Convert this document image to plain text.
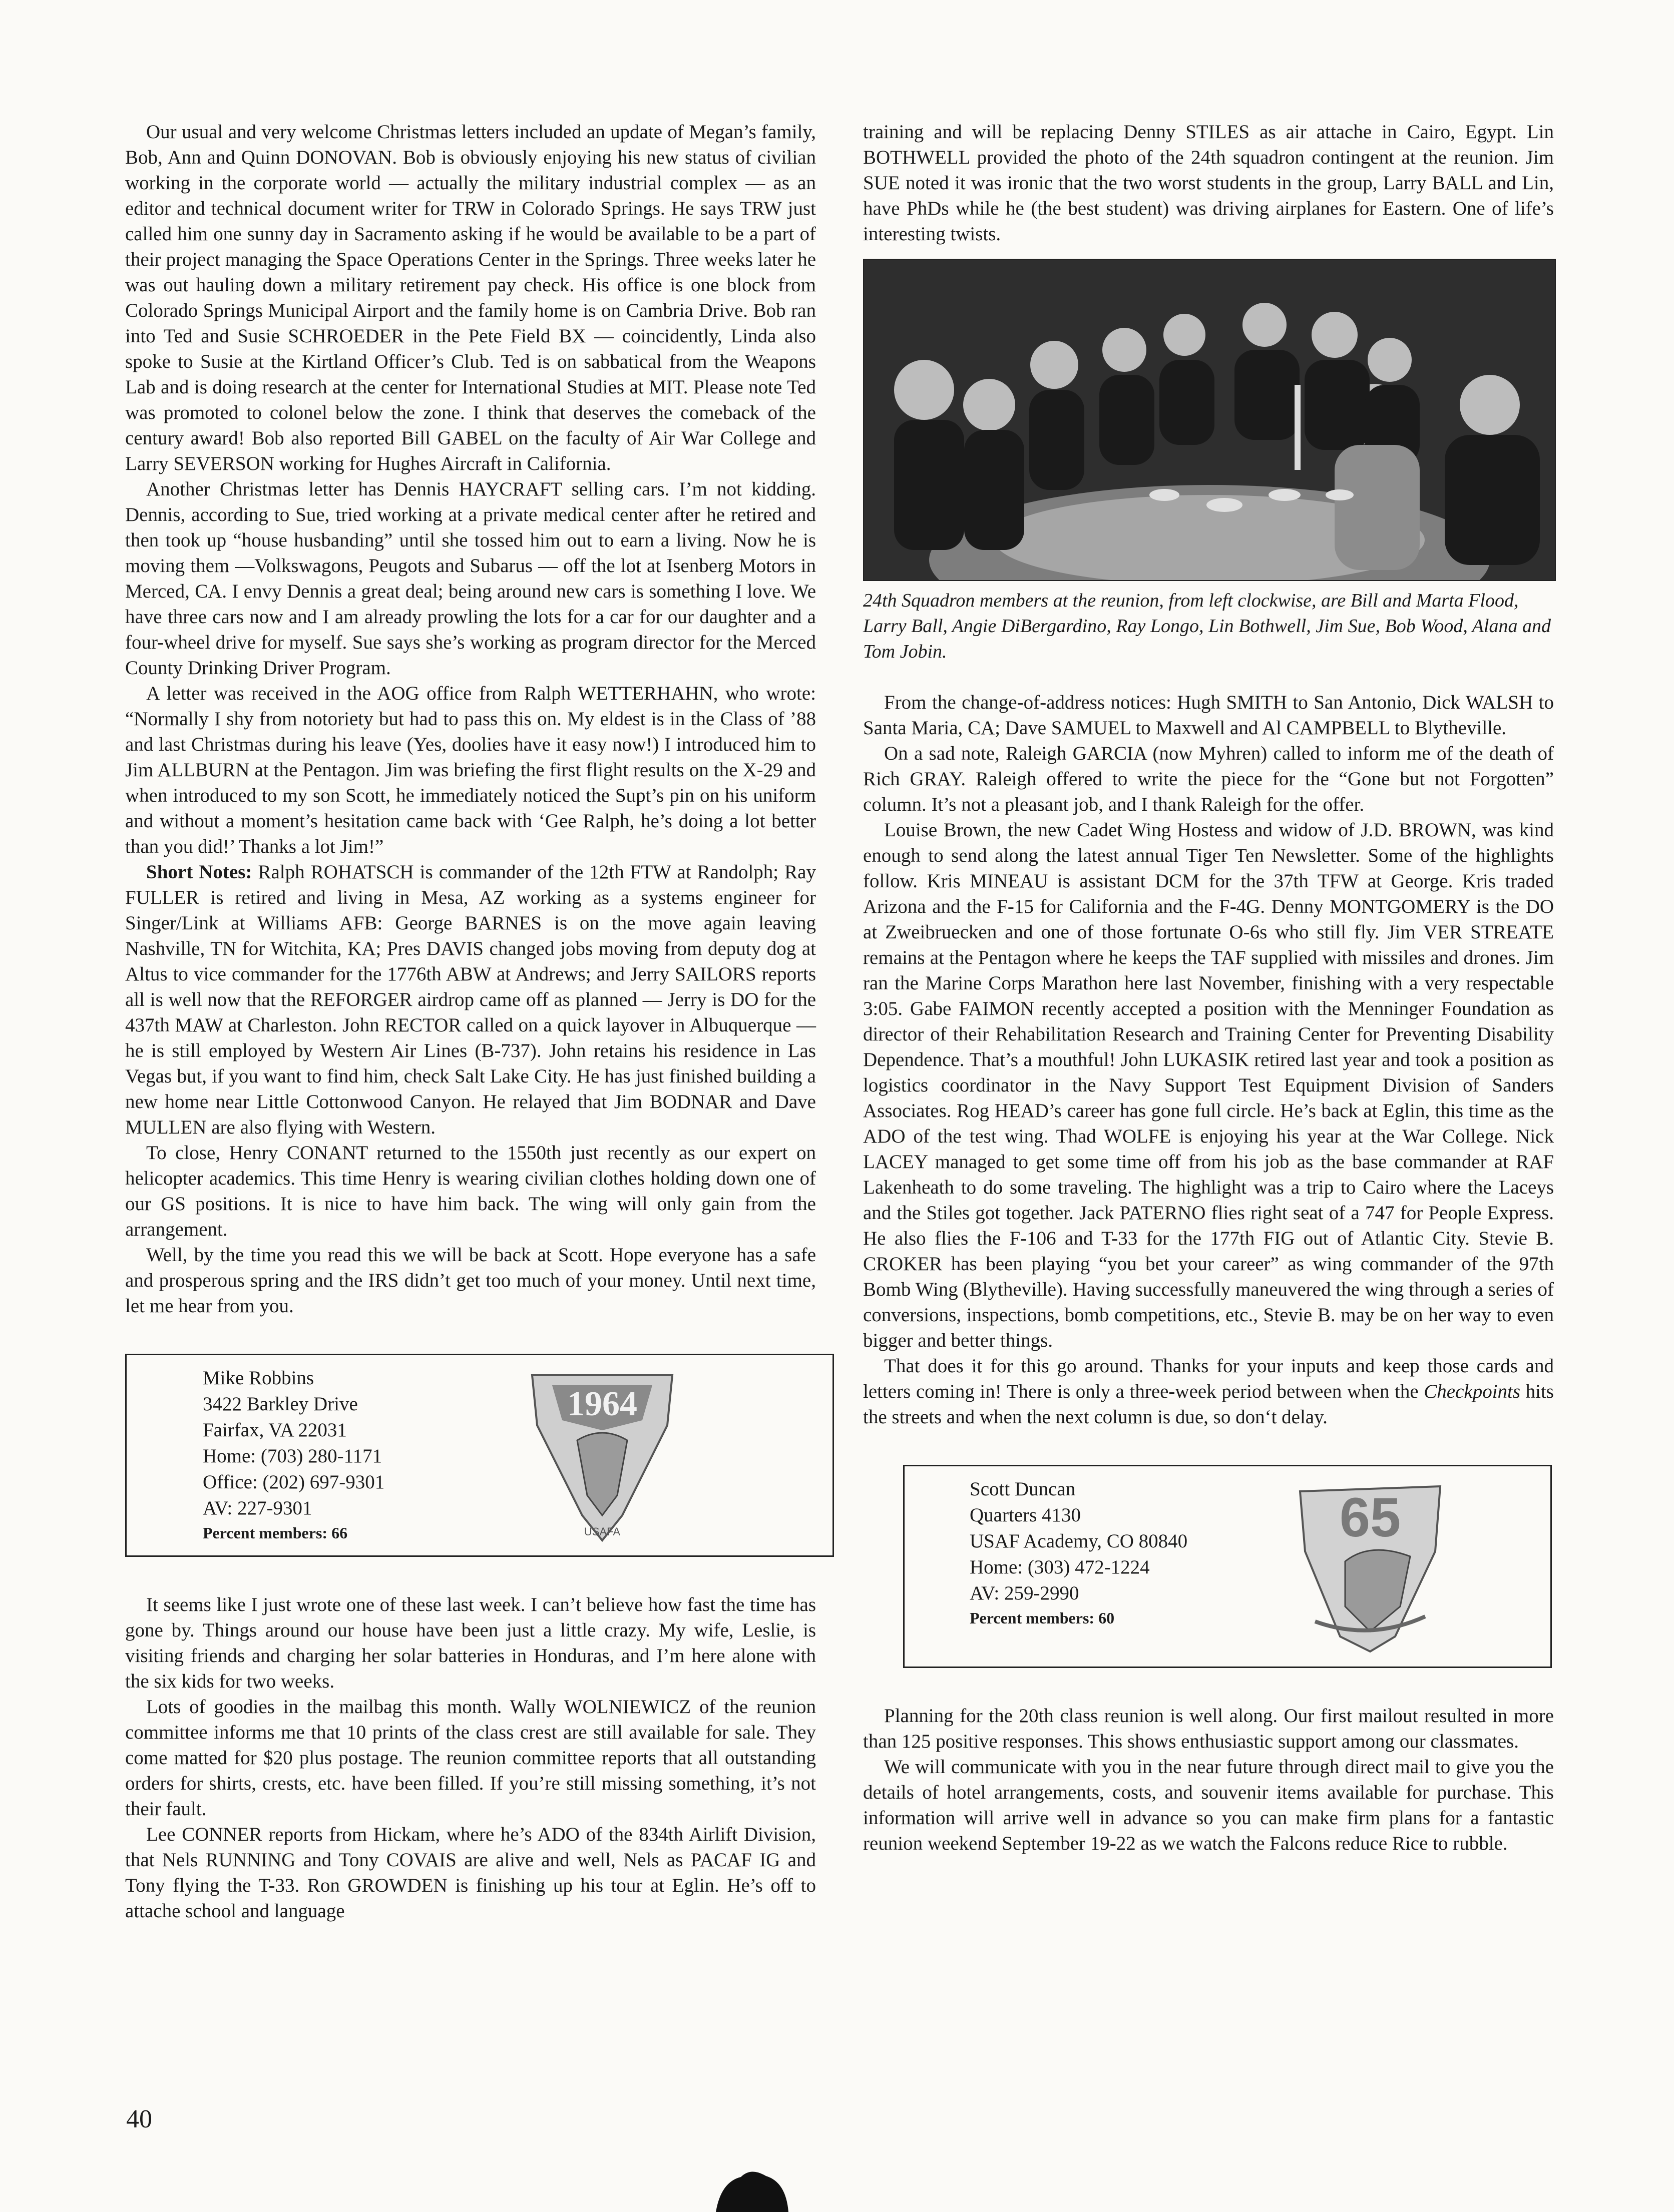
Our usual and very welcome Christmas letters included an update of Megan’s family, Bob, Ann and Quinn DONOVAN. Bob is obviously enjoying his new status of civilian working in the corporate world — actually the military industrial complex — as an editor and technical document writer for TRW in Colorado Springs. He says TRW just called him one sunny day in Sacramento asking if he would be available to be a part of their project managing the Space Operations Center in the Springs. Three weeks later he was out hauling down a military retirement pay check. His office is one block from Colorado Springs Municipal Airport and the family home is on Cambria Drive. Bob ran into Ted and Susie SCHROEDER in the Pete Field BX — coincidently, Linda also spoke to Susie at the Kirtland Officer’s Club. Ted is on sabbatical from the Weapons Lab and is doing research at the center for International Studies at MIT. Please note Ted was promoted to colonel below the zone. I think that deserves the comeback of the century award! Bob also reported Bill GABEL on the faculty of Air War College and Larry SEVERSON working for Hughes Aircraft in California.

Another Christmas letter has Dennis HAYCRAFT selling cars. I’m not kidding. Dennis, according to Sue, tried working at a private medical center after he retired and then took up “house husbanding” until she tossed him out to earn a living. Now he is moving them —Volkswagons, Peugots and Subarus — off the lot at Isenberg Motors in Merced, CA. I envy Dennis a great deal; being around new cars is something I love. We have three cars now and I am already prowling the lots for a car for our daughter and a four-wheel drive for myself. Sue says she’s working as program director for the Merced County Drinking Driver Program.

A letter was received in the AOG office from Ralph WETTERHAHN, who wrote: “Normally I shy from notoriety but had to pass this on. My eldest is in the Class of ’88 and last Christmas during his leave (Yes, doolies have it easy now!) I introduced him to Jim ALLBURN at the Pentagon. Jim was briefing the first flight results on the X-29 and when introduced to my son Scott, he immediately noticed the Supt’s pin on his uniform and without a moment’s hesitation came back with ‘Gee Ralph, he’s doing a lot better than you did!’ Thanks a lot Jim!”

Short Notes: Ralph ROHATSCH is commander of the 12th FTW at Randolph; Ray FULLER is retired and living in Mesa, AZ working as a systems engineer for Singer/Link at Williams AFB: George BARNES is on the move again leaving Nashville, TN for Witchita, KA; Pres DAVIS changed jobs moving from deputy dog at Altus to vice commander for the 1776th ABW at Andrews; and Jerry SAILORS reports all is well now that the REFORGER airdrop came off as planned — Jerry is DO for the 437th MAW at Charleston. John RECTOR called on a quick layover in Albuquerque — he is still employed by Western Air Lines (B-737). John retains his residence in Las Vegas but, if you want to find him, check Salt Lake City. He has just finished building a new home near Little Cottonwood Canyon. He relayed that Jim BODNAR and Dave MULLEN are also flying with Western.

To close, Henry CONANT returned to the 1550th just recently as our expert on helicopter academics. This time Henry is wearing civilian clothes holding down one of our GS positions. It is nice to have him back. The wing will only gain from the arrangement.

Well, by the time you read this we will be back at Scott. Hope everyone has a safe and prosperous spring and the IRS didn’t get too much of your money. Until next time, let me hear from you.

Mike Robbins
3422 Barkley Drive
Fairfax, VA 22031
Home: (703) 280-1171
Office: (202) 697-9301
AV: 227-9301
Percent members: 66
1964
USAFA

It seems like I just wrote one of these last week. I can’t believe how fast the time has gone by. Things around our house have been just a little crazy. My wife, Leslie, is visiting friends and charging her solar batteries in Honduras, and I’m here alone with the six kids for two weeks.

Lots of goodies in the mailbag this month. Wally WOLNIEWICZ of the reunion committee informs me that 10 prints of the class crest are still available for sale. They come matted for $20 plus postage. The reunion committee reports that all outstanding orders for shirts, crests, etc. have been filled. If you’re still missing something, it’s not their fault.

Lee CONNER reports from Hickam, where he’s ADO of the 834th Airlift Division, that Nels RUNNING and Tony COVAIS are alive and well, Nels as PACAF IG and Tony flying the T-33. Ron GROWDEN is finishing up his tour at Eglin. He’s off to attache school and language

training and will be replacing Denny STILES as air attache in Cairo, Egypt. Lin BOTHWELL provided the photo of the 24th squadron contingent at the reunion. Jim SUE noted it was ironic that the two worst students in the group, Larry BALL and Lin, have PhDs while he (the best student) was driving airplanes for Eastern. One of life’s interesting twists.

24th Squadron members at the reunion, from left clockwise, are Bill and Marta Flood, Larry Ball, Angie DiBergardino, Ray Longo, Lin Bothwell, Jim Sue, Bob Wood, Alana and Tom Jobin.

From the change-of-address notices: Hugh SMITH to San Antonio, Dick WALSH to Santa Maria, CA; Dave SAMUEL to Maxwell and Al CAMPBELL to Blytheville.

On a sad note, Raleigh GARCIA (now Myhren) called to inform me of the death of Rich GRAY. Raleigh offered to write the piece for the “Gone but not Forgotten” column. It’s not a pleasant job, and I thank Raleigh for the offer.

Louise Brown, the new Cadet Wing Hostess and widow of J.D. BROWN, was kind enough to send along the latest annual Tiger Ten Newsletter. Some of the highlights follow. Kris MINEAU is assistant DCM for the 37th TFW at George. Kris traded Arizona and the F-15 for California and the F-4G. Denny MONTGOMERY is the DO at Zweibruecken and one of those fortunate O-6s who still fly. Jim VER STREATE remains at the Pentagon where he keeps the TAF supplied with missiles and drones. Jim ran the Marine Corps Marathon here last November, finishing with a very respectable 3:05. Gabe FAIMON recently accepted a position with the Menninger Foundation as director of their Rehabilitation Research and Training Center for Preventing Disability Dependence. That’s a mouthful! John LUKASIK retired last year and took a position as logistics coordinator in the Navy Support Test Equipment Division of Sanders Associates. Rog HEAD’s career has gone full circle. He’s back at Eglin, this time as the ADO of the test wing. Thad WOLFE is enjoying his year at the War College. Nick LACEY managed to get some time off from his job as the base commander at RAF Lakenheath to do some traveling. The highlight was a trip to Cairo where the Laceys and the Stiles got together. Jack PATERNO flies right seat of a 747 for People Express. He also flies the F-106 and T-33 for the 177th FIG out of Atlantic City. Stevie B. CROKER has been playing “you bet your career” as wing commander of the 97th Bomb Wing (Blytheville). Having successfully maneuvered the wing through a series of conversions, inspections, bomb competitions, etc., Stevie B. may be on her way to even bigger and better things.

That does it for this go around. Thanks for your inputs and keep those cards and letters coming in! There is only a three-week period between when the Checkpoints hits the streets and when the next column is due, so don‘t delay.

Scott Duncan
Quarters 4130
USAF Academy, CO 80840
Home: (303) 472-1224
AV: 259-2990
Percent members: 60
65

Planning for the 20th class reunion is well along. Our first mailout resulted in more than 125 positive responses. This shows enthusiastic support among our classmates.

We will communicate with you in the near future through direct mail to give you the details of hotel arrangements, costs, and souvenir items available for purchase. This information will arrive well in advance so you can make firm plans for a fantastic reunion weekend September 19-22 as we watch the Falcons reduce Rice to rubble.

40
